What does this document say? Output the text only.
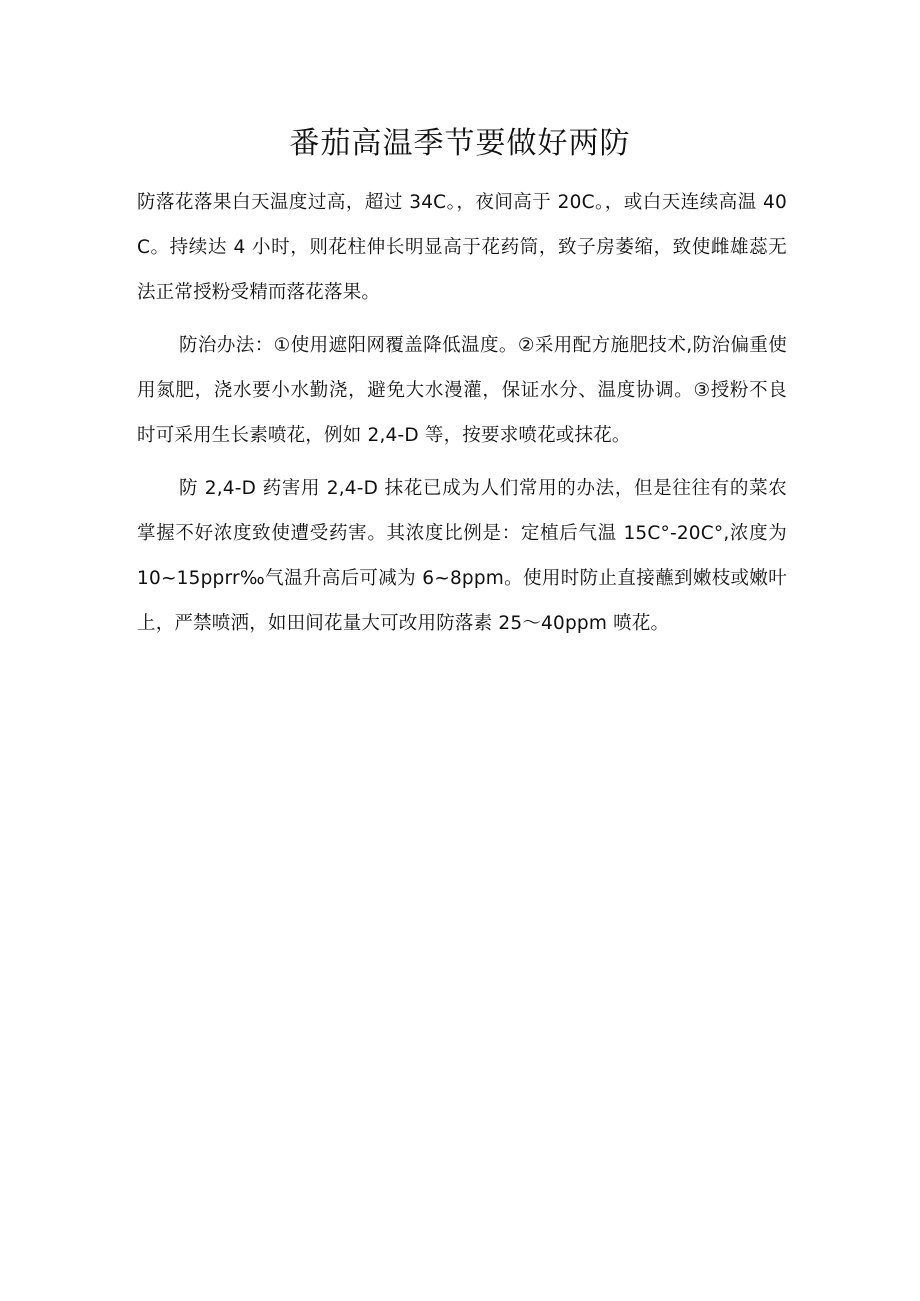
番茄高温季节要做好两防

防落花落果白天温度过高，超过 34C。，夜间高于 20C。，或白天连续高温 40C。持续达 4 小时，则花柱伸长明显高于花药筒，致子房萎缩，致使雌雄蕊无法正常授粉受精而落花落果。

防治办法：①使用遮阳网覆盖降低温度。②采用配方施肥技术,防治偏重使用氮肥，浇水要小水勤浇，避免大水漫灌，保证水分、温度协调。③授粉不良时可采用生长素喷花，例如 2,4-D 等，按要求喷花或抹花。

防 2,4-D 药害用 2,4-D 抹花已成为人们常用的办法，但是往往有的菜农掌握不好浓度致使遭受药害。其浓度比例是：定植后气温 15C°-20C°,浓度为 10~15pprr‰气温升高后可减为 6~8ppm。使用时防止直接蘸到嫩枝或嫩叶上，严禁喷洒，如田间花量大可改用防落素 25～40ppm 喷花。
